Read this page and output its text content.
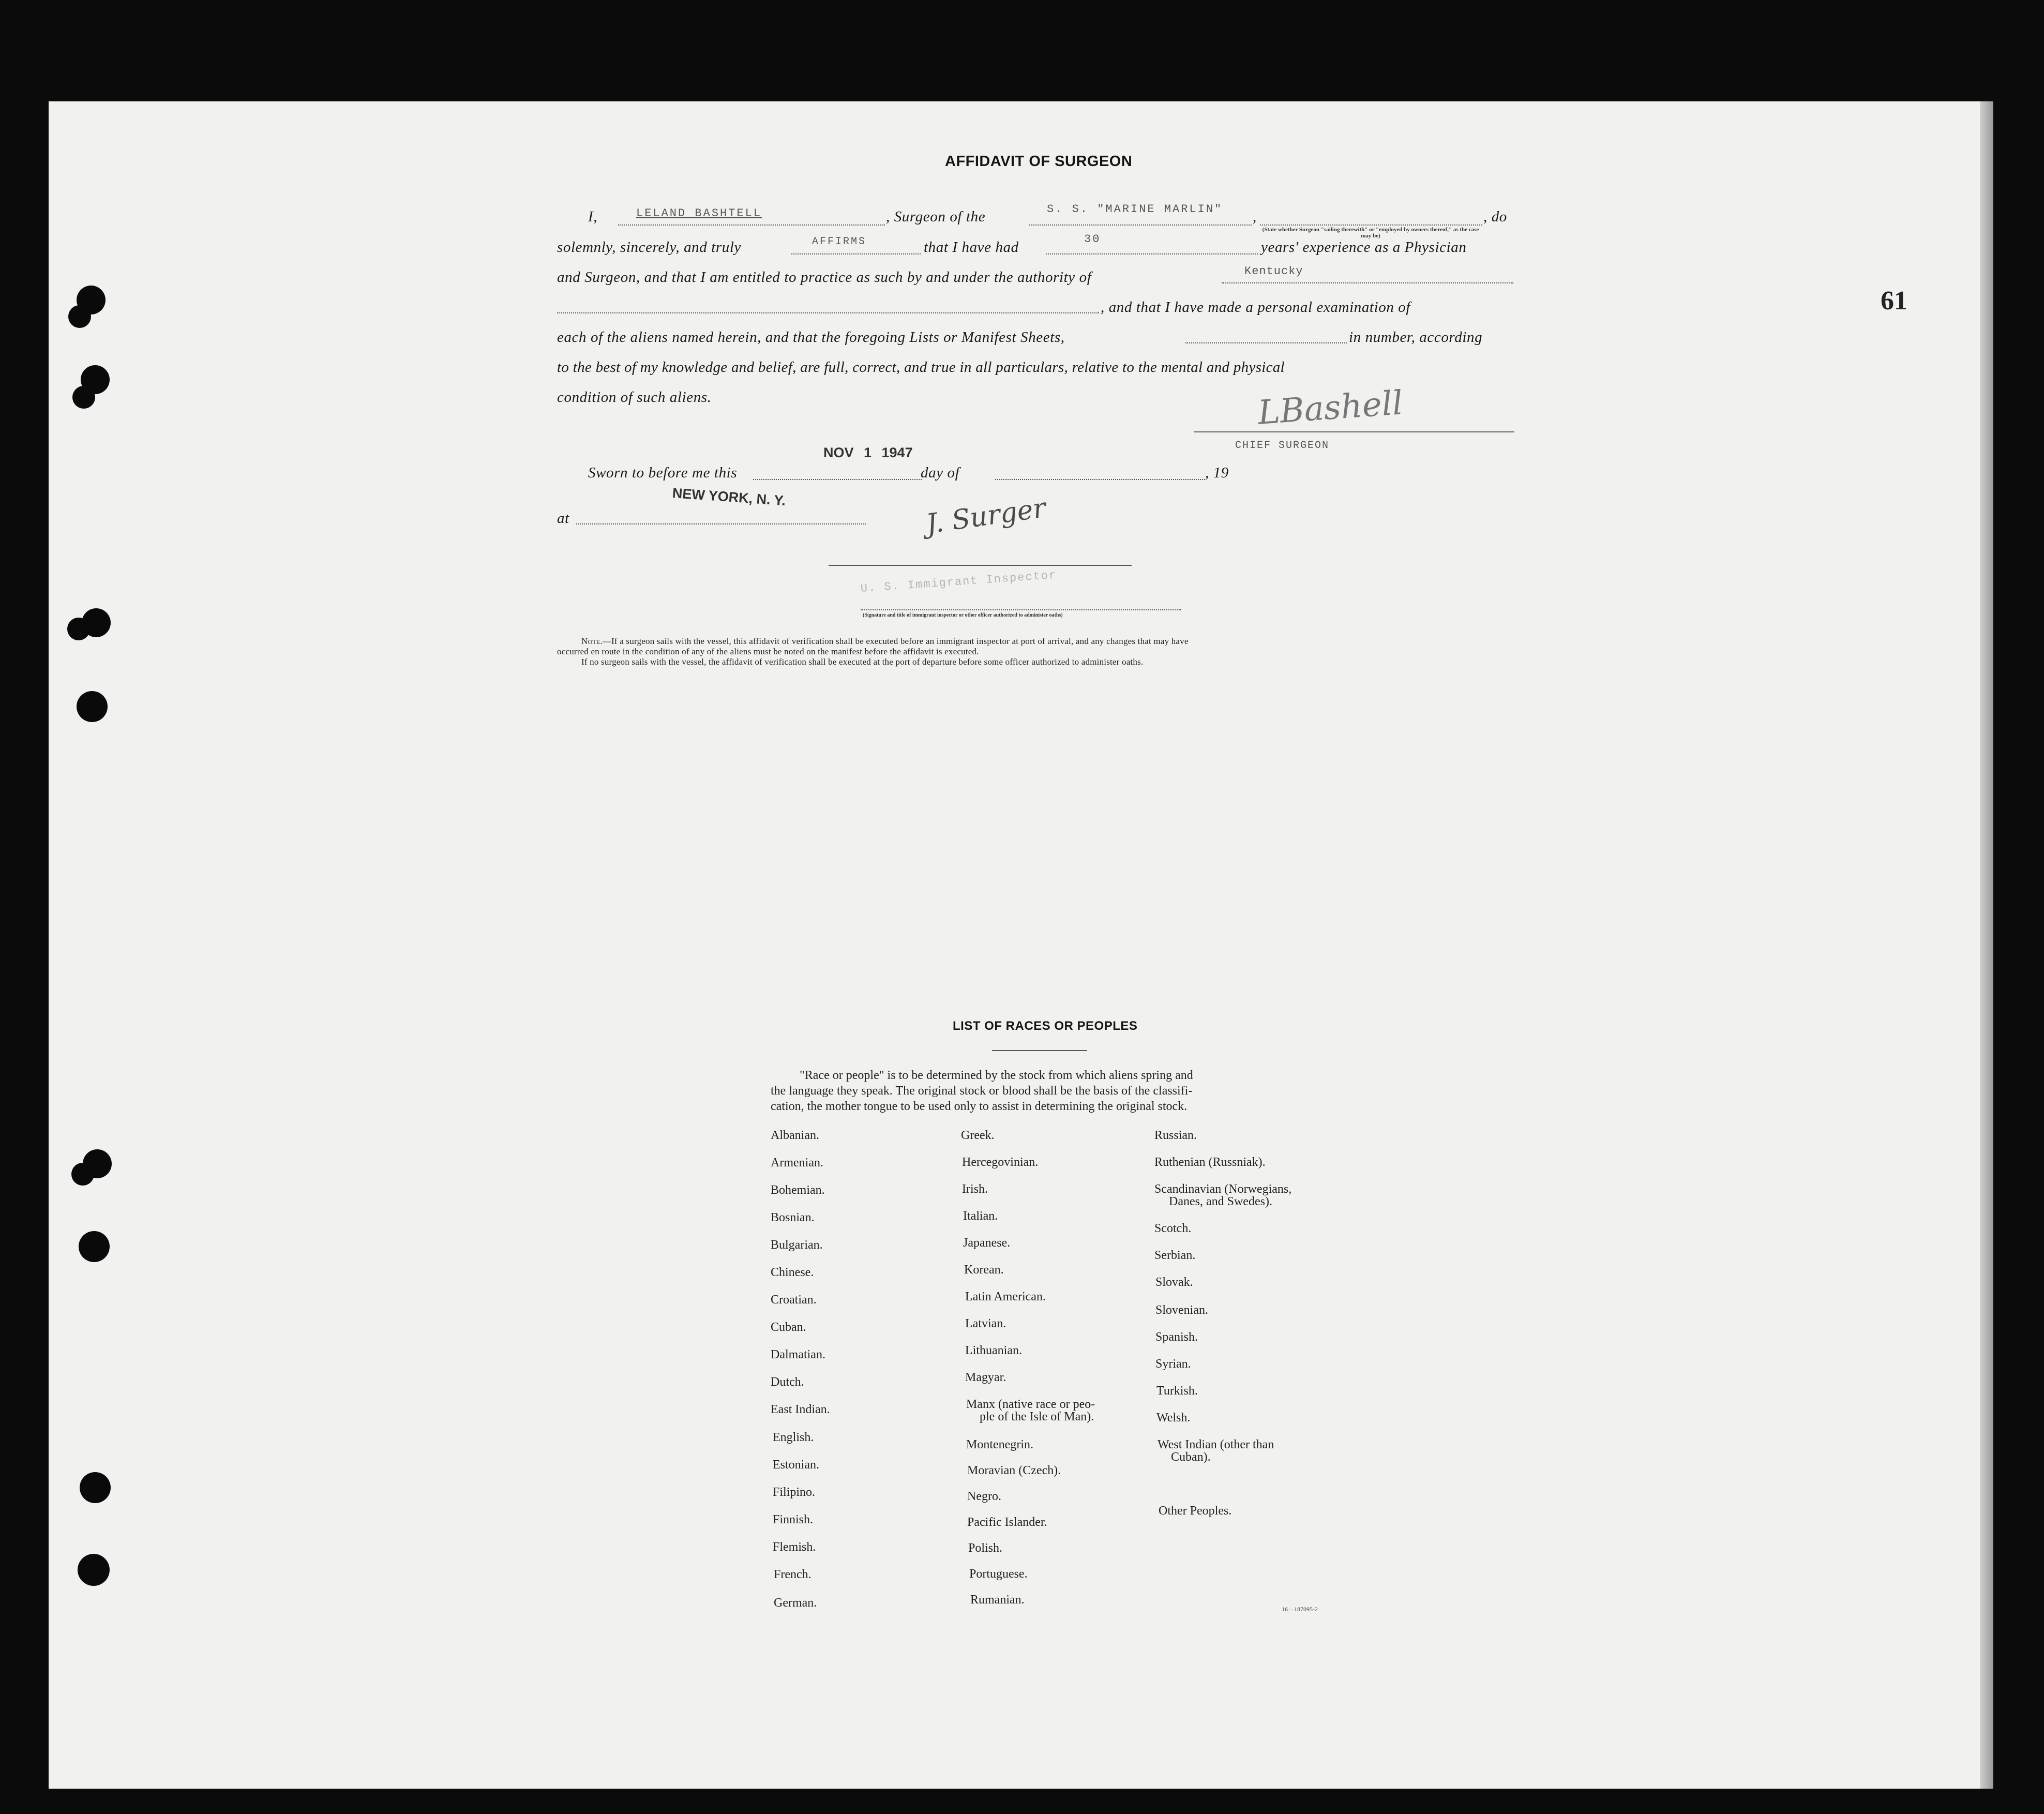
61
AFFIDAVIT OF SURGEON
I,	LELAND BASHTELL	, Surgeon of the	S. S. "MARINE MARLIN" ,
(State whether Surgeon "sailing therewith" or "employed by owners thereof," as the case may be)
, do
solemnly, sincerely, and truly	AFFIRMS	that I have had	30	years' experience as a Physician
and Surgeon, and that I am entitled to practice as such by and under the authority of	Kentucky
, and that I have made a personal examination of
each of the aliens named herein, and that the foregoing Lists or Manifest Sheets,	in number, according
to the best of my knowledge and belief, are full, correct, and true in all particulars, relative to the mental and physical
condition of such aliens.	LBashell
CHIEF SURGEON
Sworn to before me this
NOV 1 1947
day of	, 19
NEW YORK, N. Y.
at	J. Surger
U. S. Immigrant Inspector
(Signature and title of immigrant inspector or other officer authorized to administer oaths)
Note.—If a surgeon sails with the vessel, this affidavit of verification shall be executed before an immigrant inspector at port of arrival, and any changes that may have
occurred en route in the condition of any of the aliens must be noted on the manifest before the affidavit is executed.
If no surgeon sails with the vessel, the affidavit of verification shall be executed at the port of departure before some officer authorized to administer oaths.
LIST OF RACES OR PEOPLES
"Race or people" is to be determined by the stock from which aliens spring and
the language they speak. The original stock or blood shall be the basis of the classifi-
cation, the mother tongue to be used only to assist in determining the original stock.
Albanian.
Armenian.
Bohemian.
Bosnian.
Bulgarian.
Chinese.
Croatian.
Cuban.
Dalmatian.
Dutch.
East Indian.
English.
Estonian.
Filipino.
Finnish.
Flemish.
French.
German.
Greek.
Hercegovinian.
Irish.
Italian.
Japanese.
Korean.
Latin American.
Latvian.
Lithuanian.
Magyar.
Manx (native race or peo-
ple of the Isle of Man).
Montenegrin.
Moravian (Czech).
Negro.
Pacific Islander.
Polish.
Portuguese.
Rumanian.
Russian.
Ruthenian (Russniak).
Scandinavian (Norwegians,
Danes, and Swedes).
Scotch.
Serbian.
Slovak.
Slovenian.
Spanish.
Syrian.
Turkish.
Welsh.
West Indian (other than
Cuban).
Other Peoples.
16—187095-2
